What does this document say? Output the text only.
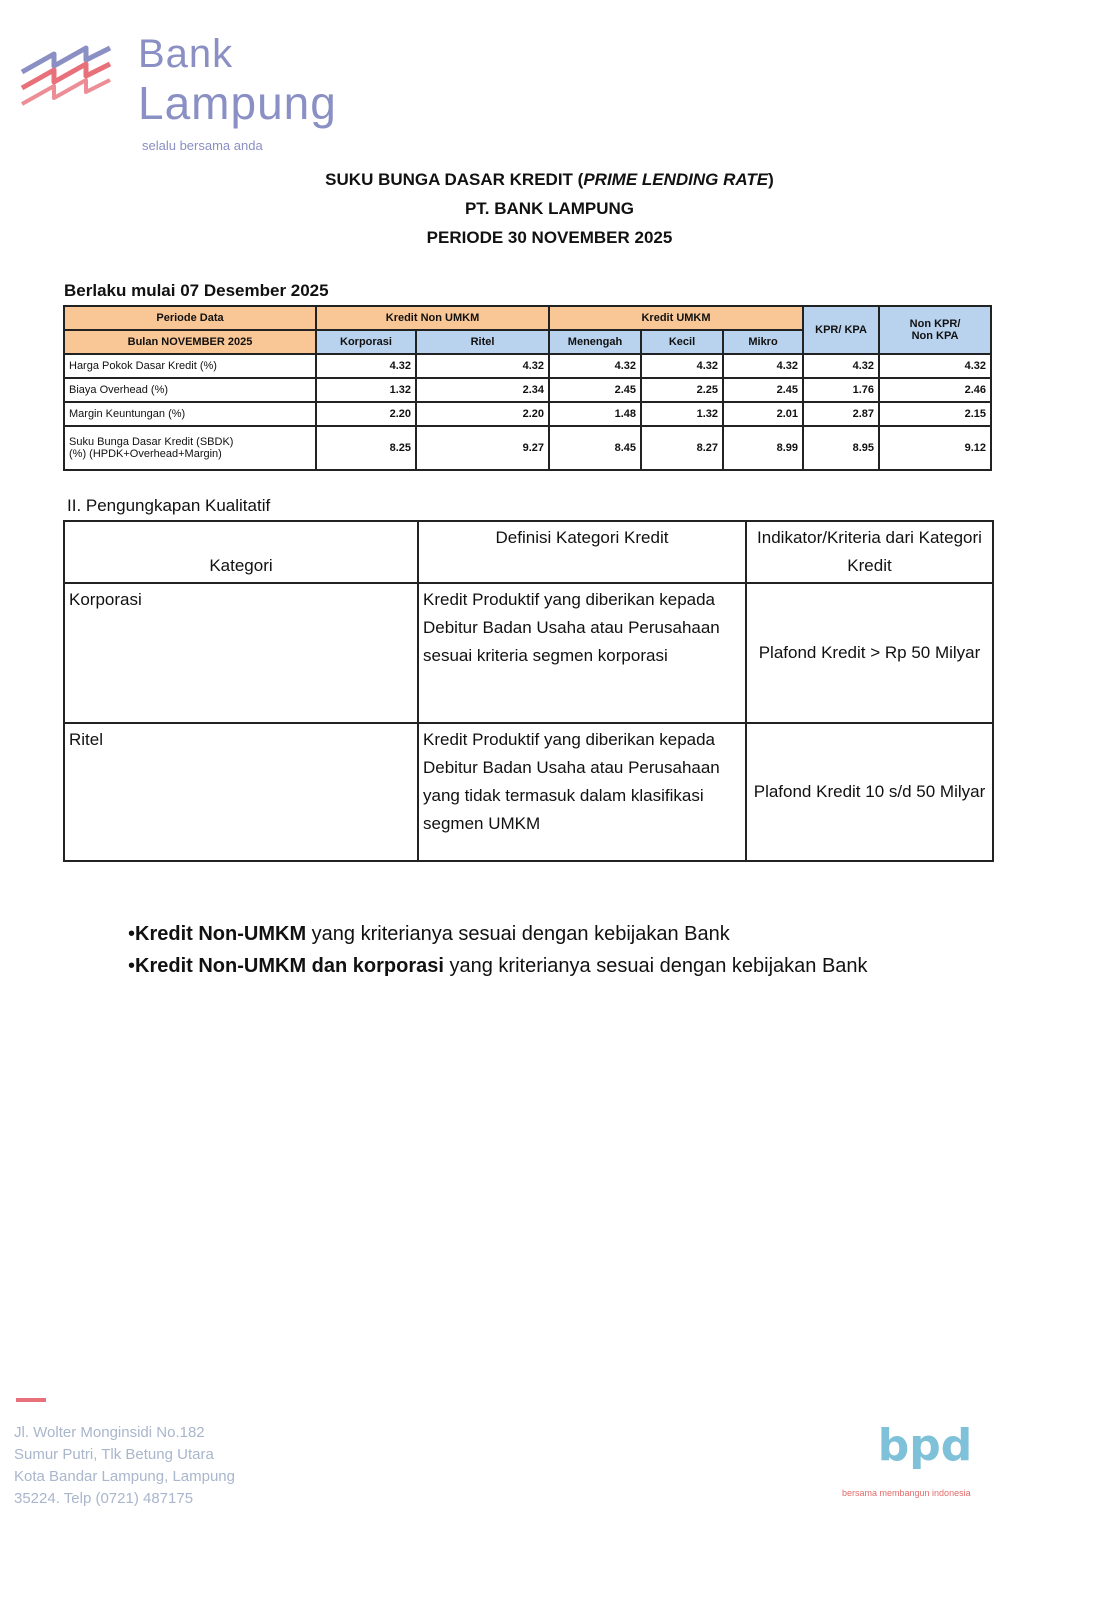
Bank
Lampung
selalu bersama anda
SUKU BUNGA DASAR KREDIT (PRIME LENDING RATE)
PT. BANK LAMPUNG
PERIODE 30 NOVEMBER 2025
Berlaku mulai 07 Desember 2025
Periode Data	Kredit Non UMKM		Kredit UMKM			KPR/ KPA	Non KPR/
Non KPA

Bulan NOVEMBER 2025	Korporasi	Ritel	Menengah	Kecil	Mikro		
Harga Pokok Dasar Kredit (%)	4.32	4.32	4.32	4.32	4.32	4.32	4.32
Biaya Overhead (%)	1.32	2.34	2.45	2.25	2.45	1.76	2.46
Margin Keuntungan (%)	2.20	2.20	1.48	1.32	2.01	2.87	2.15

Suku Bunga Dasar Kredit (SBDK)
(%) (HPDK+Overhead+Margin)	8.25	9.27	8.45	8.27	8.99	8.95	9.12
II. Pengungkapan Kualitatif
Kategori	Definisi Kategori Kredit	Indikator/Kriteria dari Kategori Kredit
Korporasi	Kredit Produktif yang diberikan kepada Debitur Badan Usaha atau Perusahaan sesuai kriteria segmen korporasi	Plafond Kredit > Rp 50 Milyar
Ritel	Kredit Produktif yang diberikan kepada Debitur Badan Usaha atau Perusahaan yang tidak termasuk dalam klasifikasi segmen UMKM	Plafond Kredit 10 s/d 50 Milyar
•Kredit Non-UMKM yang kriterianya sesuai dengan kebijakan Bank
•Kredit Non-UMKM dan korporasi yang kriterianya sesuai dengan kebijakan Bank
Jl. Wolter Monginsidi No.182
Sumur Putri, Tlk Betung Utara
Kota Bandar Lampung, Lampung
35224. Telp (0721) 487175
bpd
bersama membangun indonesia
